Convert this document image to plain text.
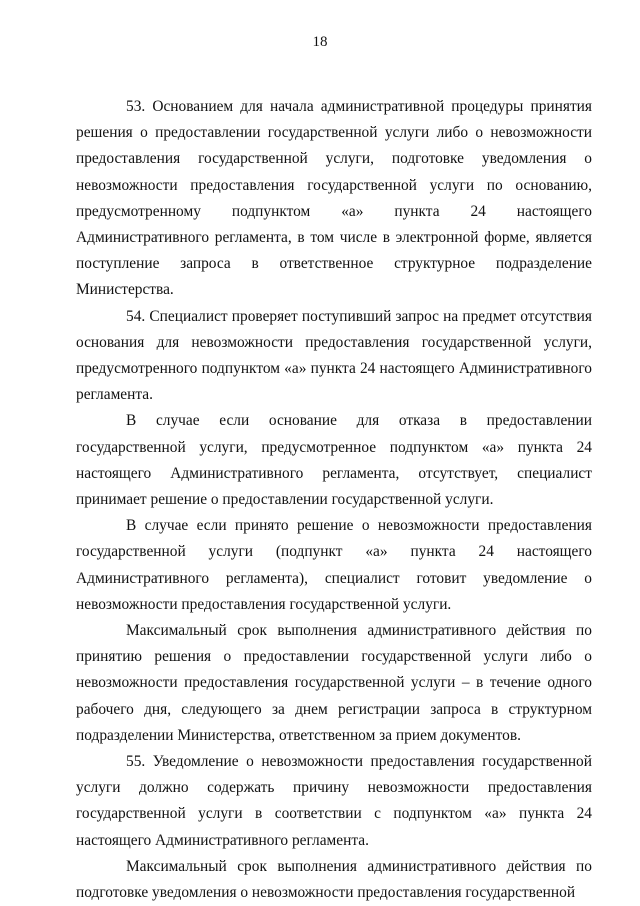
18

53. Основанием для начала административной процедуры принятия решения о предоставлении государственной услуги либо о невозможности предоставления государственной услуги, подготовке уведомления о невозможности предоставления государственной услуги по основанию, предусмотренному подпунктом «а» пункта 24 настоящего Административного регламента, в том числе в электронной форме, является поступление запроса в ответственное структурное подразделение Министерства.

54. Специалист проверяет поступивший запрос на предмет отсутствия основания для невозможности предоставления государственной услуги, предусмотренного подпунктом «а» пункта 24 настоящего Административного регламента.

В случае если основание для отказа в предоставлении государственной услуги, предусмотренное подпунктом «а» пункта 24 настоящего Административного регламента, отсутствует, специалист принимает решение о предоставлении государственной услуги.

В случае если принято решение о невозможности предоставления государственной услуги (подпункт «а» пункта 24 настоящего Административного регламента), специалист готовит уведомление о невозможности предоставления государственной услуги.

Максимальный срок выполнения административного действия по принятию решения о предоставлении государственной услуги либо о невозможности предоставления государственной услуги – в течение одного рабочего дня, следующего за днем регистрации запроса в структурном подразделении Министерства, ответственном за прием документов.

55. Уведомление о невозможности предоставления государственной услуги должно содержать причину невозможности предоставления государственной услуги в соответствии с подпунктом «а» пункта 24 настоящего Административного регламента.

Максимальный срок выполнения административного действия по подготовке уведомления о невозможности предоставления государственной
